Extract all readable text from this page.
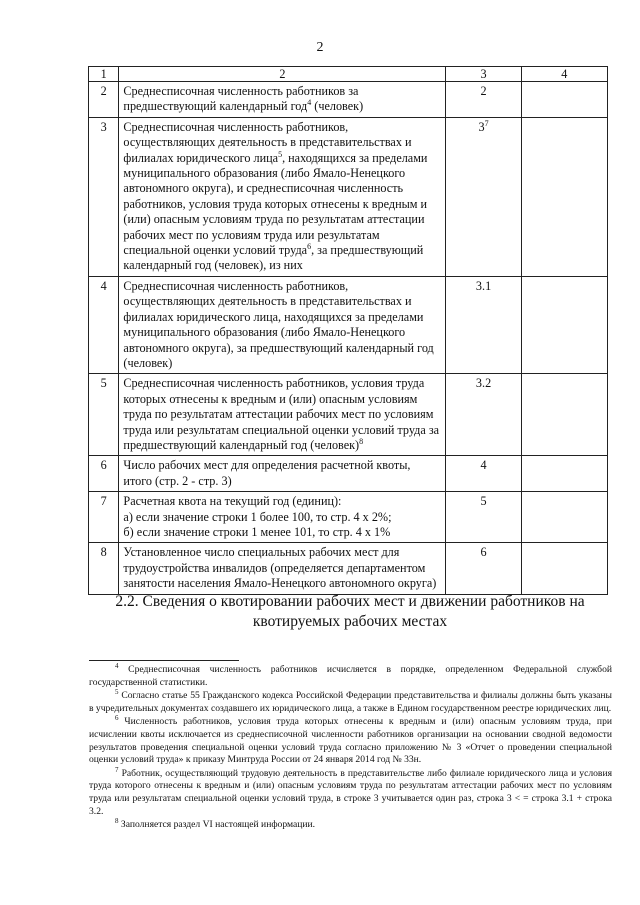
2
1	2	3	4
2	Среднесписочная численность работников за предшествующий календарный год$^4$ (человек)	2	
3	Среднесписочная численность работников, осуществляющих деятельность в представительствах и филиалах юридического лица$^5$, находящихся за пределами муниципального образования (либо Ямало-Ненецкого автономного округа), и среднесписочная численность работников, условия труда которых отнесены к вредным и (или) опасным условиям труда по результатам аттестации рабочих мест по условиям труда или результатам специальной оценки условий труда$^6$, за предшествующий календарный год (человек), из них	$3^7$	
4	Среднесписочная численность работников, осуществляющих деятельность в представительствах и филиалах юридического лица, находящихся за пределами муниципального образования (либо Ямало-Ненецкого автономного округа), за предшествующий календарный год (человек)	3.1	
5	Среднесписочная численность работников, условия труда которых отнесены к вредным и (или) опасным условиям труда по результатам аттестации рабочих мест по условиям труда или результатам специальной оценки условий труда за предшествующий календарный год (человек)$^8$	3.2	
6	Число рабочих мест для определения расчетной квоты, итого (стр. 2 - стр. 3)	4	
7	Расчетная квота на текущий год (единиц):
а) если значение строки 1 более 100, то стр. 4 х 2%;
б) если значение строки 1 менее 101, то стр. 4 х 1%	5	
8	Установленное число специальных рабочих мест для трудоустройства инвалидов (определяется департаментом занятости населения Ямало-Ненецкого автономного округа)	6	
2.2. Сведения о квотировании рабочих мест и движении работников на квотируемых рабочих местах

$^4$ Среднесписочная численность работников исчисляется в порядке, определенном Федеральной службой государственной статистики.

$^5$ Согласно статье 55 Гражданского кодекса Российской Федерации представительства и филиалы должны быть указаны в учредительных документах создавшего их юридического лица, а также в Едином государственном реестре юридических лиц.

$^6$ Численность работников, условия труда которых отнесены к вредным и (или) опасным условиям труда, при исчислении квоты исключается из среднесписочной численности работников организации на основании сводной ведомости результатов проведения специальной оценки условий труда согласно приложению № 3 «Отчет о проведении специальной оценки условий труда» к приказу Минтруда России от 24 января 2014 год № 33н.

$^7$ Работник, осуществляющий трудовую деятельность в представительстве либо филиале юридического лица и условия труда которого отнесены к вредным и (или) опасным условиям труда по результатам аттестации рабочих мест по условиям труда или результатам специальной оценки условий труда, в строке 3 учитывается один раз, строка 3 < = строка 3.1 + строка 3.2.

$^8$ Заполняется раздел VI настоящей информации.
